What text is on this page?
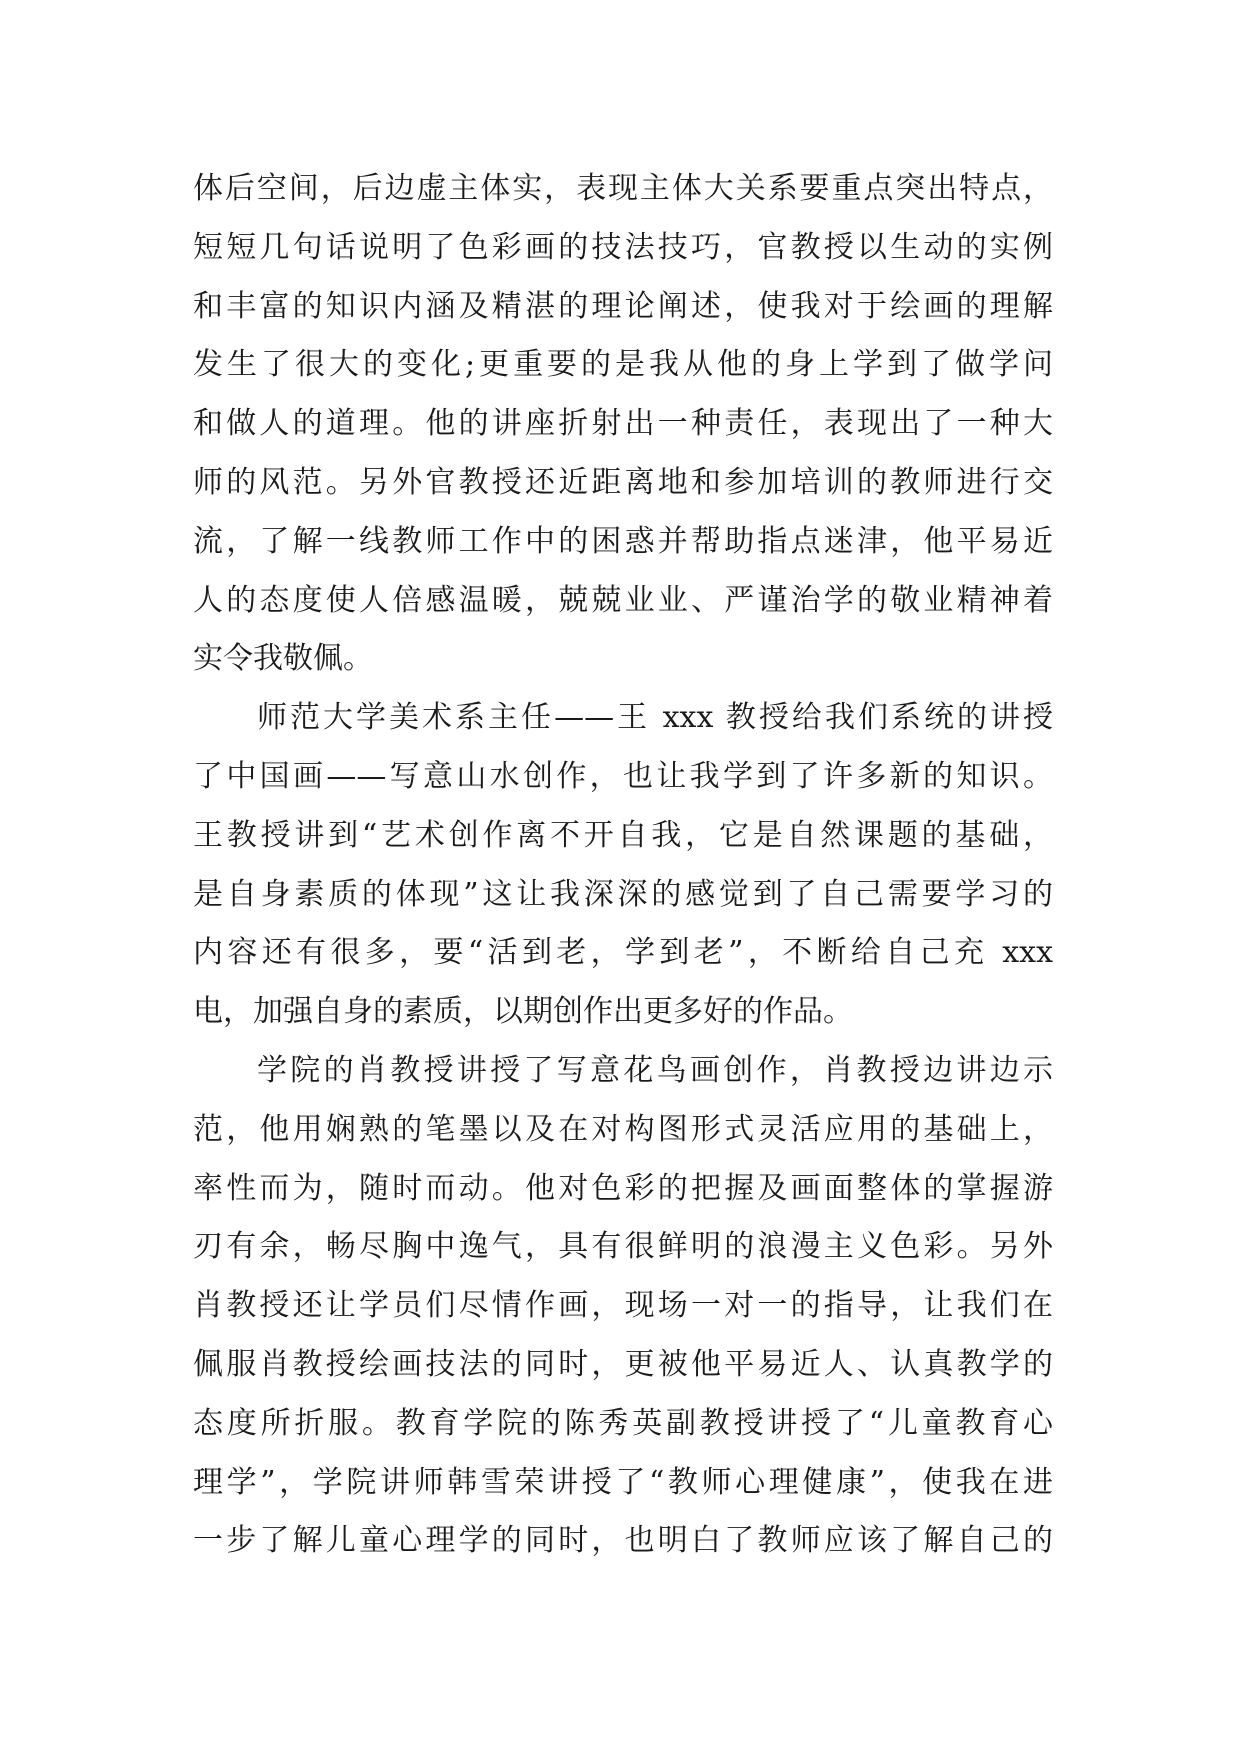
体后空间，后边虚主体实，表现主体大关系要重点突出特点，
短短几句话说明了色彩画的技法技巧，官教授以生动的实例
和丰富的知识内涵及精湛的理论阐述，使我对于绘画的理解
发生了很大的变化;更重要的是我从他的身上学到了做学问
和做人的道理。他的讲座折射出一种责任，表现出了一种大
师的风范。另外官教授还近距离地和参加培训的教师进行交
流，了解一线教师工作中的困惑并帮助指点迷津，他平易近
人的态度使人倍感温暖，兢兢业业、严谨治学的敬业精神着
实令我敬佩。
师范大学美术系主任——王 xxx 教授给我们系统的讲授
了中国画——写意山水创作，也让我学到了许多新的知识。
王教授讲到“艺术创作离不开自我，它是自然课题的基础，
是自身素质的体现”这让我深深的感觉到了自己需要学习的
内容还有很多，要“活到老，学到老”，不断给自己充 xxx
电，加强自身的素质，以期创作出更多好的作品。
学院的肖教授讲授了写意花鸟画创作，肖教授边讲边示
范，他用娴熟的笔墨以及在对构图形式灵活应用的基础上，
率性而为，随时而动。他对色彩的把握及画面整体的掌握游
刃有余，畅尽胸中逸气，具有很鲜明的浪漫主义色彩。另外
肖教授还让学员们尽情作画，现场一对一的指导，让我们在
佩服肖教授绘画技法的同时，更被他平易近人、认真教学的
态度所折服。教育学院的陈秀英副教授讲授了“儿童教育心
理学”，学院讲师韩雪荣讲授了“教师心理健康”，使我在进
一步了解儿童心理学的同时，也明白了教师应该了解自己的
